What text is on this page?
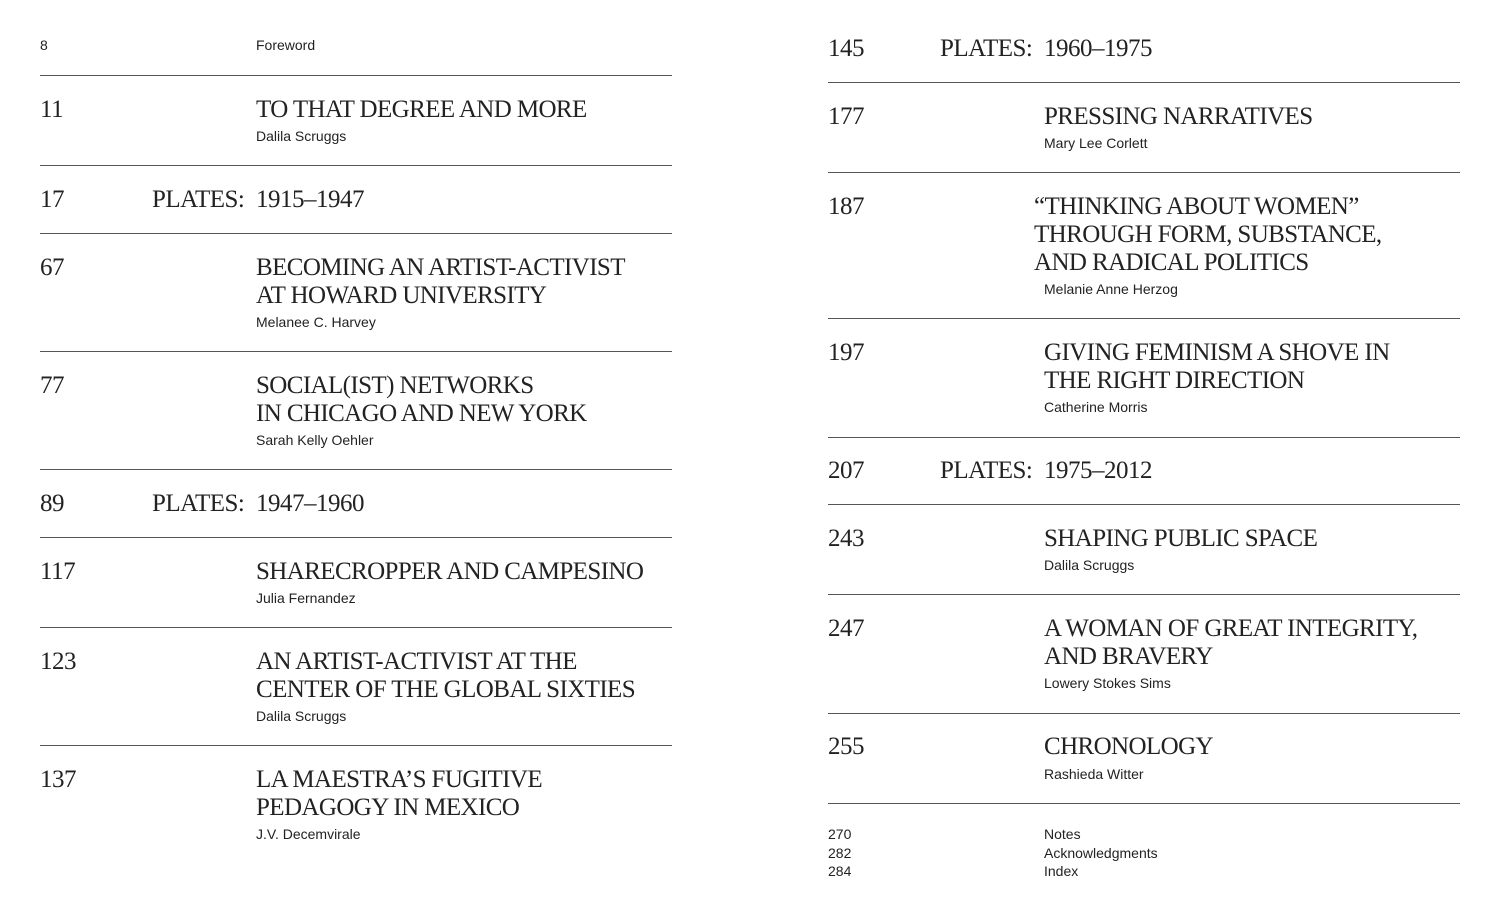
8	Foreword
11	TO THAT DEGREE AND MORE
Dalila Scruggs
17	PLATES: 1915–1947
67	BECOMING AN ARTIST-ACTIVIST
AT HOWARD UNIVERSITY
Melanee C. Harvey
77	SOCIAL(IST) NETWORKS
IN CHICAGO AND NEW YORK
Sarah Kelly Oehler
89	PLATES: 1947–1960
117	SHARECROPPER AND CAMPESINO
Julia Fernandez
123	AN ARTIST-ACTIVIST AT THE
CENTER OF THE GLOBAL SIXTIES
Dalila Scruggs
137	LA MAESTRA’S FUGITIVE
PEDAGOGY IN MEXICO
J.V. Decemvirale
145	PLATES: 1960–1975
177	PRESSING NARRATIVES
Mary Lee Corlett
187	“THINKING ABOUT WOMEN”
THROUGH FORM, SUBSTANCE,
AND RADICAL POLITICS
Melanie Anne Herzog
197	GIVING FEMINISM A SHOVE IN
THE RIGHT DIRECTION
Catherine Morris
207	PLATES: 1975–2012
243	SHAPING PUBLIC SPACE
Dalila Scruggs
247	A WOMAN OF GREAT INTEGRITY,
AND BRAVERY
Lowery Stokes Sims
255	CHRONOLOGY
Rashieda Witter
270	Notes
282	Acknowledgments
284	Index
